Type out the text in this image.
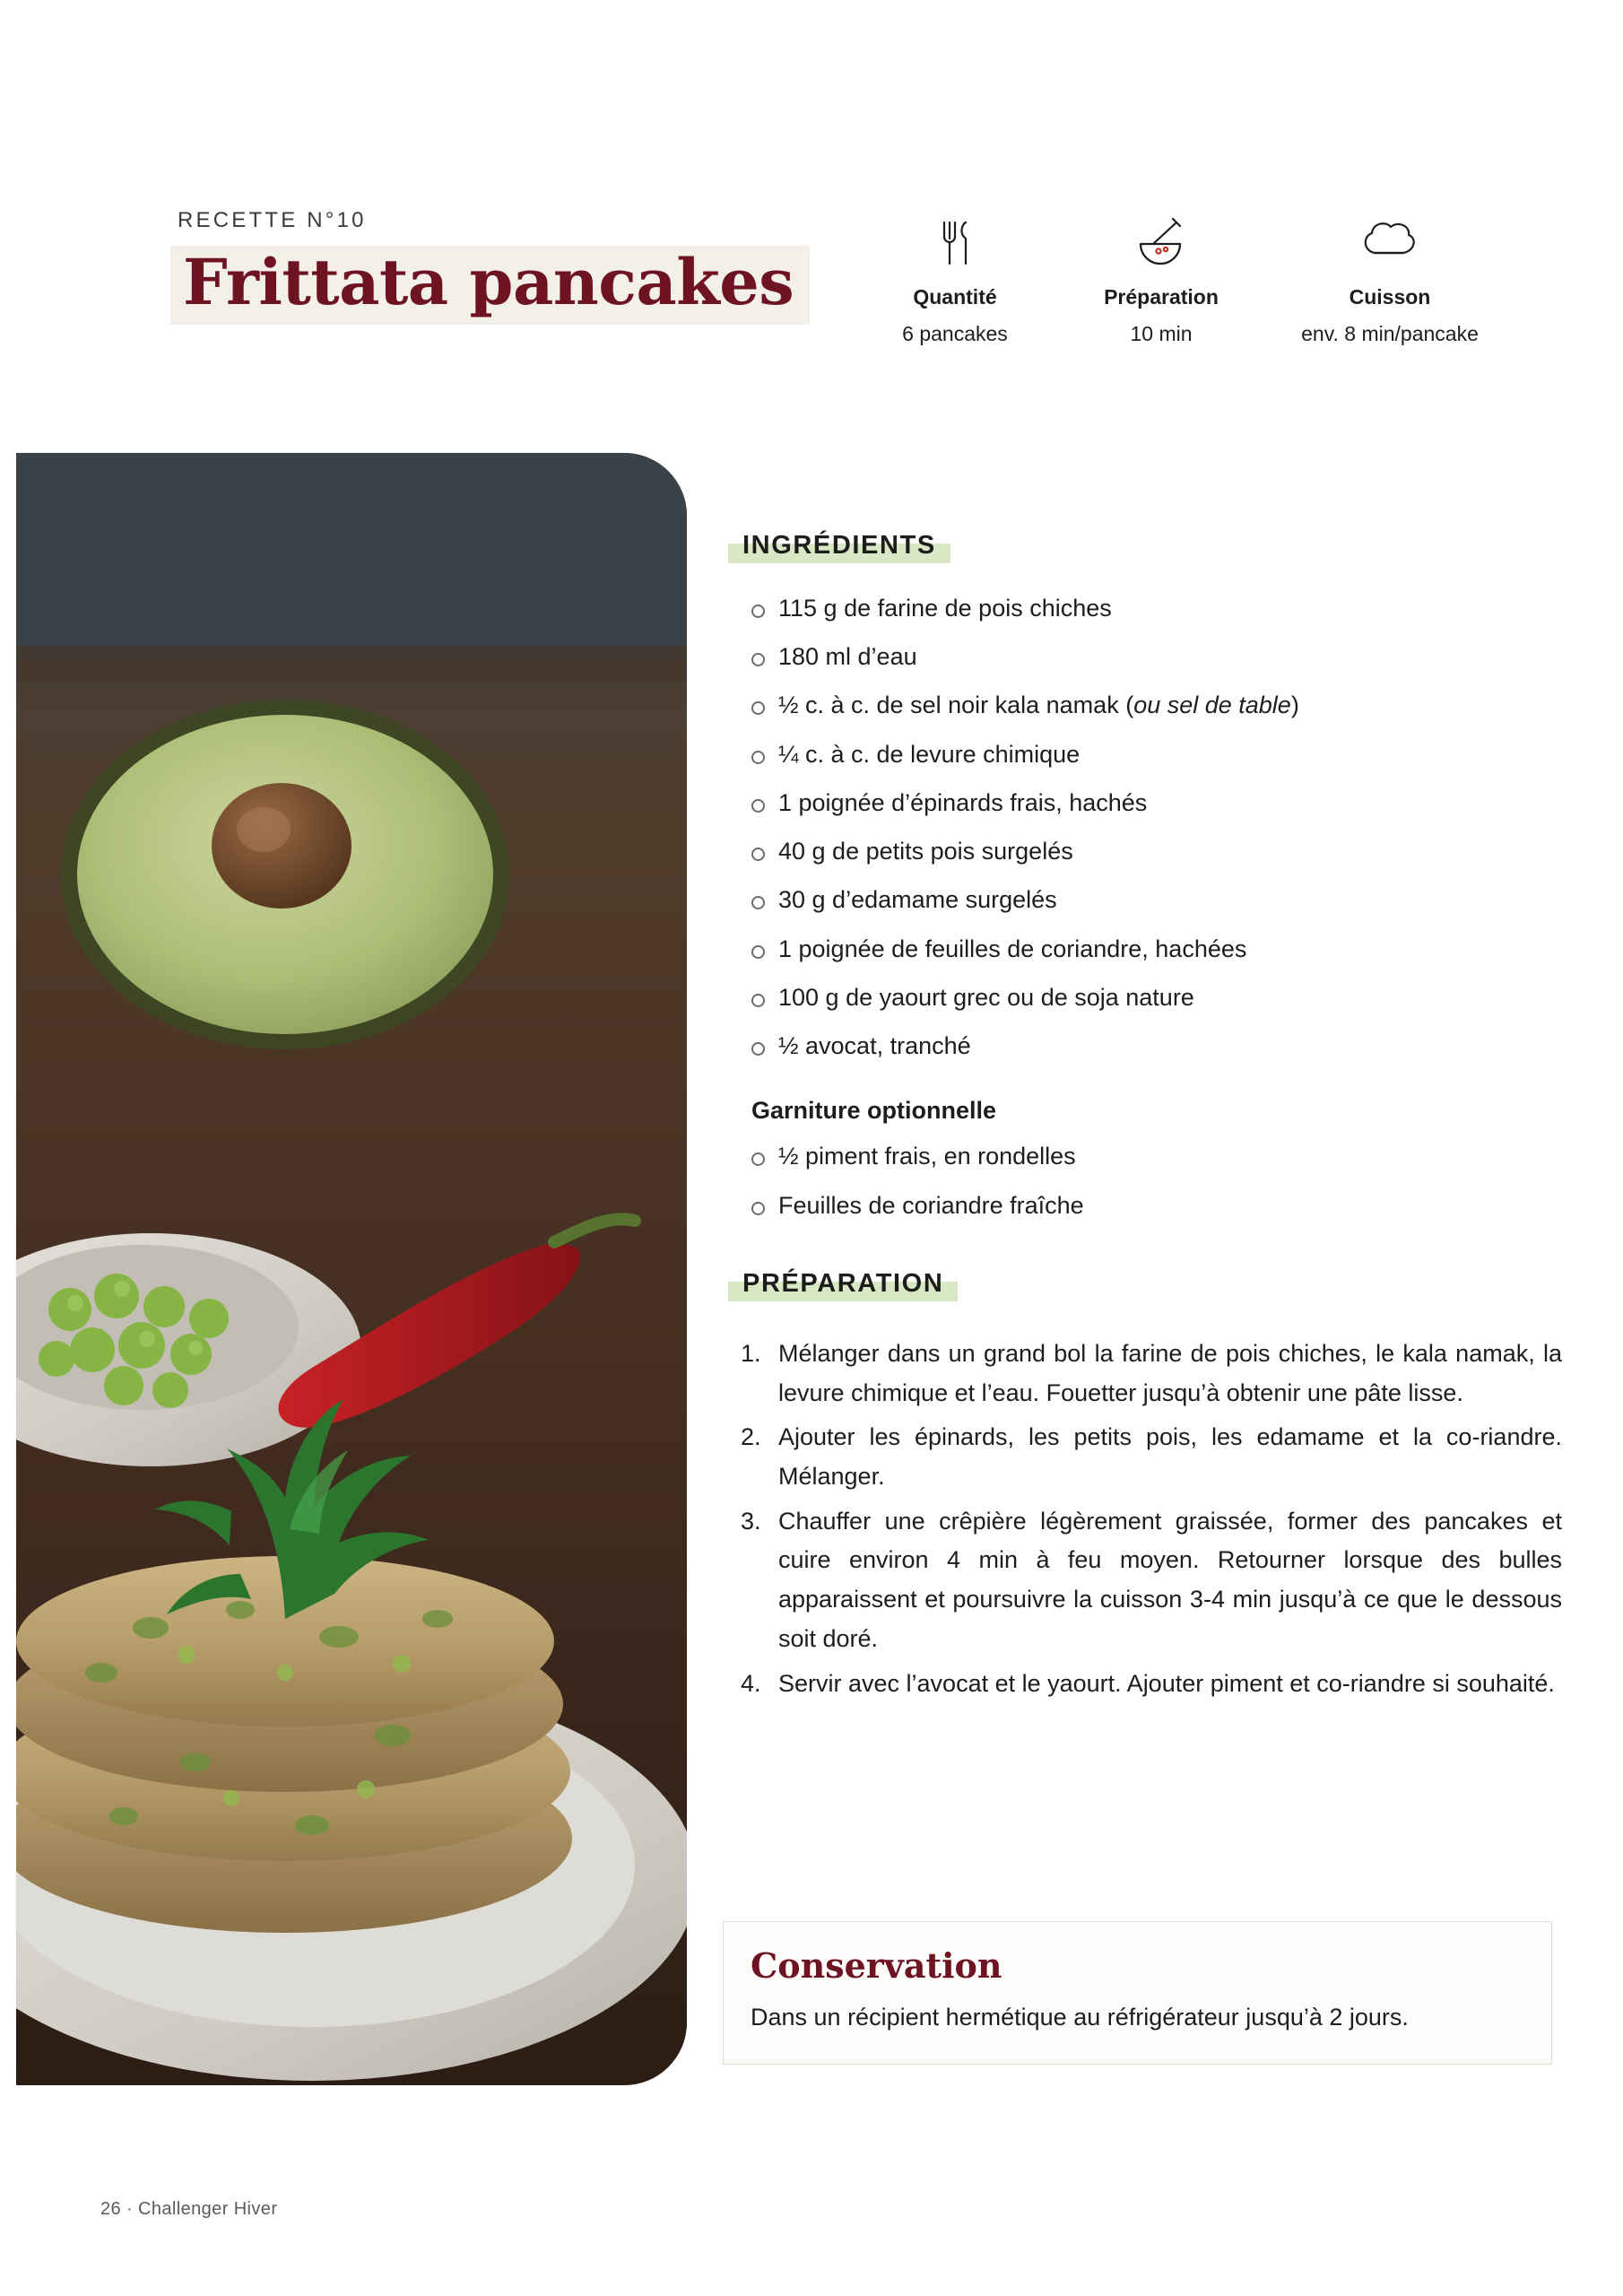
RECETTE N°10
Frittata pancakes	Quantité
6 pancakes
Préparation
10 min
Cuisson
env. 8 min/pancake
INGRÉDIENTS
115 g de farine de pois chiches
180 ml d’eau
½ c. à c. de sel noir kala namak (ou sel de table)
¼ c. à c. de levure chimique
1 poignée d’épinards frais, hachés
40 g de petits pois surgelés
30 g d’edamame surgelés
1 poignée de feuilles de coriandre, hachées
100 g de yaourt grec ou de soja nature
½ avocat, tranché
Garniture optionnelle
½ piment frais, en rondelles
Feuilles de coriandre fraîche
PRÉPARATION
Mélanger dans un grand bol la farine de pois chiches, le kala namak, la levure chimique et l’eau. Fouetter jusqu’à obtenir une pâte lisse.
Ajouter les épinards, les petits pois, les edamame et la co-riandre. Mélanger.
Chauffer une crêpière légèrement graissée, former des pancakes et cuire environ 4 min à feu moyen. Retourner lorsque des bulles apparaissent et poursuivre la cuisson 3-4 min jusqu’à ce que le dessous soit doré.
Servir avec l’avocat et le yaourt. Ajouter piment et co-riandre si souhaité.
Conservation
Dans un récipient hermétique au réfrigérateur jusqu’à 2 jours.
26 · Challenger Hiver
